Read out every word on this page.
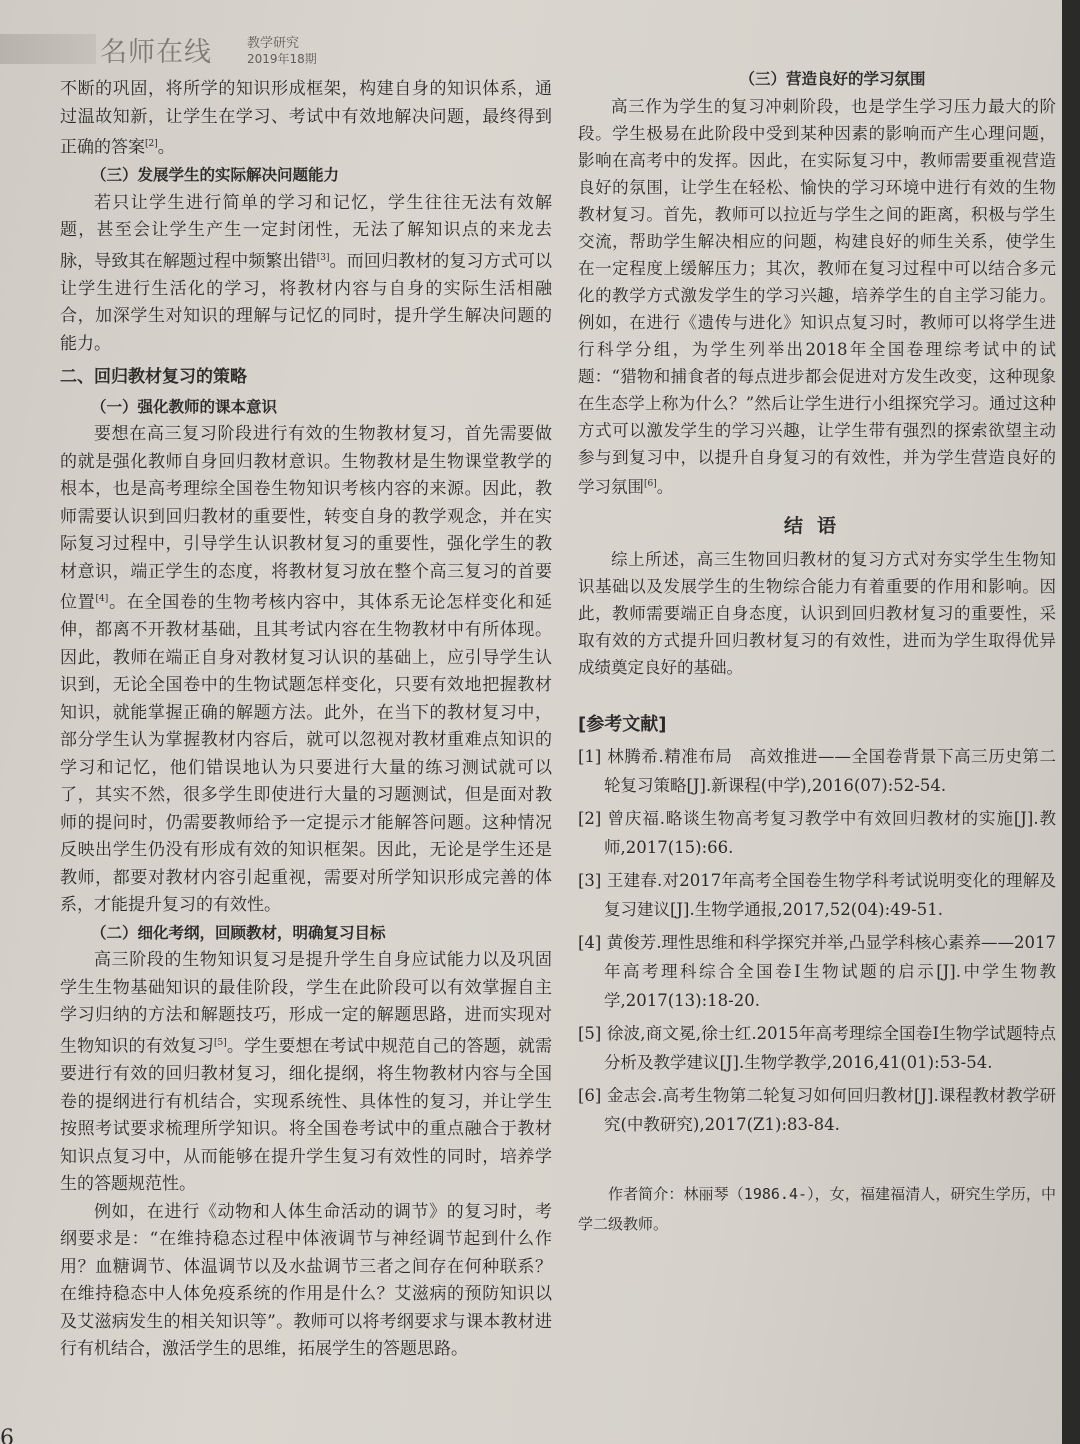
名师在线	教学研究
2019年18期

不断的巩固，将所学的知识形成框架，构建自身的知识体系，通过温故知新，让学生在学习、考试中有效地解决问题，最终得到正确的答案[2]。

（三）发展学生的实际解决问题能力

若只让学生进行简单的学习和记忆，学生往往无法有效解题，甚至会让学生产生一定封闭性，无法了解知识点的来龙去脉，导致其在解题过程中频繁出错[3]。而回归教材的复习方式可以让学生进行生活化的学习，将教材内容与自身的实际生活相融合，加深学生对知识的理解与记忆的同时，提升学生解决问题的能力。

二、回归教材复习的策略

（一）强化教师的课本意识

要想在高三复习阶段进行有效的生物教材复习，首先需要做的就是强化教师自身回归教材意识。生物教材是生物课堂教学的根本，也是高考理综全国卷生物知识考核内容的来源。因此，教师需要认识到回归教材的重要性，转变自身的教学观念，并在实际复习过程中，引导学生认识教材复习的重要性，强化学生的教材意识，端正学生的态度，将教材复习放在整个高三复习的首要位置[4]。在全国卷的生物考核内容中，其体系无论怎样变化和延伸，都离不开教材基础，且其考试内容在生物教材中有所体现。因此，教师在端正自身对教材复习认识的基础上，应引导学生认识到，无论全国卷中的生物试题怎样变化，只要有效地把握教材知识，就能掌握正确的解题方法。此外，在当下的教材复习中，部分学生认为掌握教材内容后，就可以忽视对教材重难点知识的学习和记忆，他们错误地认为只要进行大量的练习测试就可以了，其实不然，很多学生即使进行大量的习题测试，但是面对教师的提问时，仍需要教师给予一定提示才能解答问题。这种情况反映出学生仍没有形成有效的知识框架。因此，无论是学生还是教师，都要对教材内容引起重视，需要对所学知识形成完善的体系，才能提升复习的有效性。

（二）细化考纲，回顾教材，明确复习目标

高三阶段的生物知识复习是提升学生自身应试能力以及巩固学生生物基础知识的最佳阶段，学生在此阶段可以有效掌握自主学习归纳的方法和解题技巧，形成一定的解题思路，进而实现对生物知识的有效复习[5]。学生要想在考试中规范自己的答题，就需要进行有效的回归教材复习，细化提纲，将生物教材内容与全国卷的提纲进行有机结合，实现系统性、具体性的复习，并让学生按照考试要求梳理所学知识。将全国卷考试中的重点融合于教材知识点复习中，从而能够在提升学生复习有效性的同时，培养学生的答题规范性。

例如，在进行《动物和人体生命活动的调节》的复习时，考纲要求是：“在维持稳态过程中体液调节与神经调节起到什么作用？血糖调节、体温调节以及水盐调节三者之间存在何种联系？在维持稳态中人体免疫系统的作用是什么？艾滋病的预防知识以及艾滋病发生的相关知识等”。教师可以将考纲要求与课本教材进行有机结合，激活学生的思维，拓展学生的答题思路。

（三）营造良好的学习氛围

高三作为学生的复习冲刺阶段，也是学生学习压力最大的阶段。学生极易在此阶段中受到某种因素的影响而产生心理问题，影响在高考中的发挥。因此，在实际复习中，教师需要重视营造良好的氛围，让学生在轻松、愉快的学习环境中进行有效的生物教材复习。首先，教师可以拉近与学生之间的距离，积极与学生交流，帮助学生解决相应的问题，构建良好的师生关系，使学生在一定程度上缓解压力；其次，教师在复习过程中可以结合多元化的教学方式激发学生的学习兴趣，培养学生的自主学习能力。例如，在进行《遗传与进化》知识点复习时，教师可以将学生进行科学分组，为学生列举出2018年全国卷理综考试中的试题：“猎物和捕食者的每点进步都会促进对方发生改变，这种现象在生态学上称为什么？”然后让学生进行小组探究学习。通过这种方式可以激发学生的学习兴趣，让学生带有强烈的探索欲望主动参与到复习中，以提升自身复习的有效性，并为学生营造良好的学习氛围[6]。

结语

综上所述，高三生物回归教材的复习方式对夯实学生生物知识基础以及发展学生的生物综合能力有着重要的作用和影响。因此，教师需要端正自身态度，认识到回归教材复习的重要性，采取有效的方式提升回归教材复习的有效性，进而为学生取得优异成绩奠定良好的基础。

[参考文献]
[1] 林腾希.精准布局　高效推进——全国卷背景下高三历史第二轮复习策略[J].新课程(中学),2016(07):52-54.
[2] 曾庆福.略谈生物高考复习教学中有效回归教材的实施[J].教师,2017(15):66.
[3] 王建春.对2017年高考全国卷生物学科考试说明变化的理解及复习建议[J].生物学通报,2017,52(04):49-51.
[4] 黄俊芳.理性思维和科学探究并举,凸显学科核心素养——2017年高考理科综合全国卷Ⅰ生物试题的启示[J].中学生物教学,2017(13):18-20.
[5] 徐波,商文冕,徐士红.2015年高考理综全国卷Ⅰ生物学试题特点分析及教学建议[J].生物学教学,2016,41(01):53-54.
[6] 金志会.高考生物第二轮复习如何回归教材[J].课程教材教学研究(中教研究),2017(Z1):83-84.
作者简介：林丽琴（1986.4-），女，福建福清人，研究生学历，中学二级教师。
6
